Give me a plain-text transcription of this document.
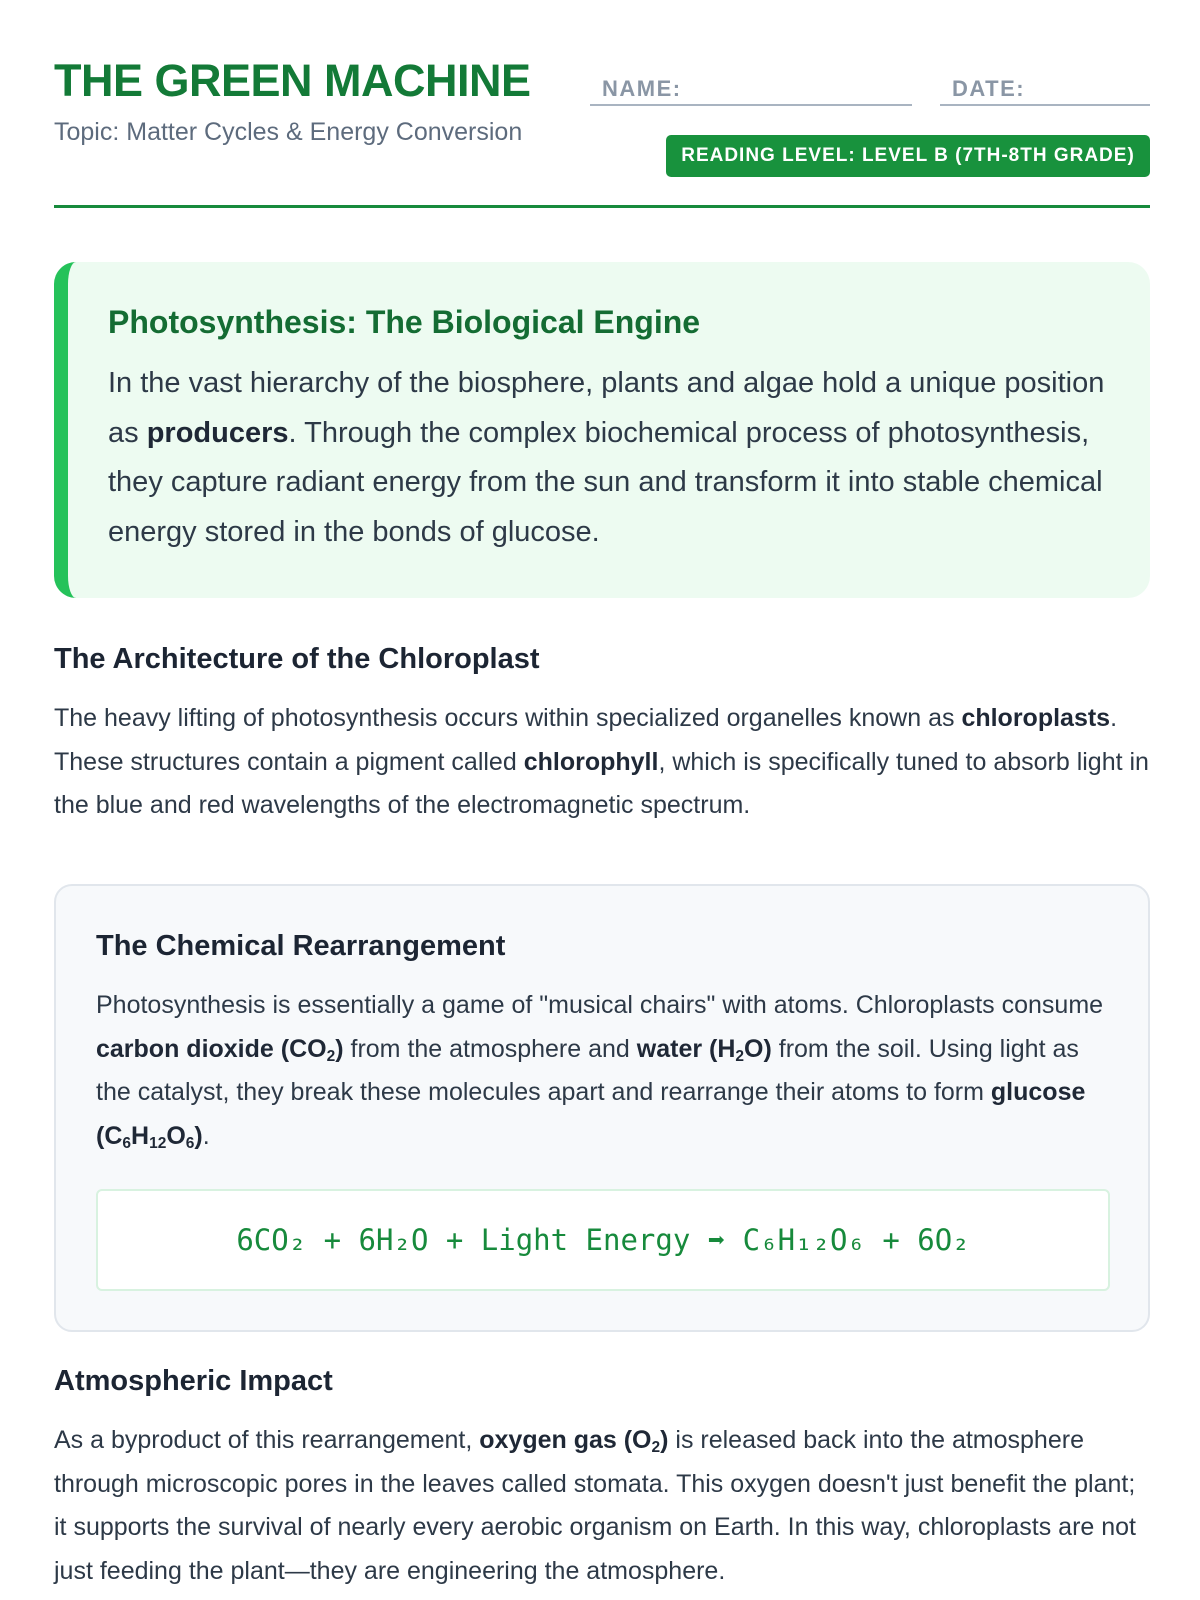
THE GREEN MACHINE
Topic: Matter Cycles & Energy Conversion
NAME:	DATE:
READING LEVEL: LEVEL B (7TH-8TH GRADE)
Photosynthesis: The Biological Engine

In the vast hierarchy of the biosphere, plants and algae hold a unique position as producers. Through the complex biochemical process of photosynthesis, they capture radiant energy from the sun and transform it into stable chemical energy stored in the bonds of glucose.

The Architecture of the Chloroplast

The heavy lifting of photosynthesis occurs within specialized organelles known as chloroplasts. These structures contain a pigment called chlorophyll, which is specifically tuned to absorb light in the blue and red wavelengths of the electromagnetic spectrum.

The Chemical Rearrangement

Photosynthesis is essentially a game of "musical chairs" with atoms. Chloroplasts consume carbon dioxide $(CO_2)$ from the atmosphere and water $(H_2O)$ from the soil. Using light as the catalyst, they break these molecules apart and rearrange their atoms to form glucose $(C_6H_{12}O_6)$.

6CO₂ + 6H₂O + Light Energy ➡ C₆H₁₂O₆ + 6O₂
Atmospheric Impact

As a byproduct of this rearrangement, oxygen gas $(O_2)$ is released back into the atmosphere through microscopic pores in the leaves called stomata. This oxygen doesn't just benefit the plant; it supports the survival of nearly every aerobic organism on Earth. In this way, chloroplasts are not just feeding the plant—they are engineering the atmosphere.
